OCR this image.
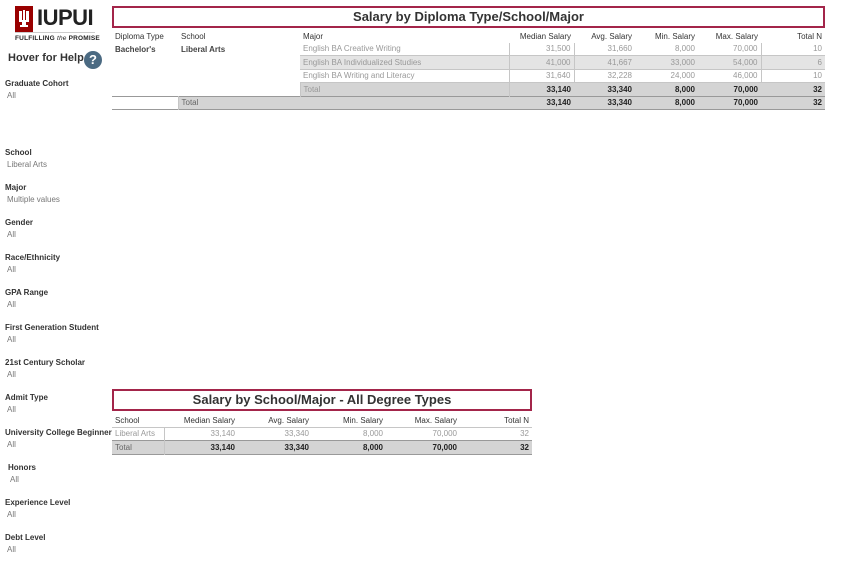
IUPUI
FULFILLING the PROMISE
Hover for Help ?
Graduate Cohort
All
School
Liberal Arts
Major
Multiple values
Gender
All
Race/Ethnicity
All
GPA Range
All
First Generation Student
All
21st Century Scholar
All
Admit Type
All
University College Beginner
All
Honors
All
Experience Level
All
Debt Level
All
Salary by Diploma Type/School/Major
Diploma Type	School	Major	Median Salary	Avg. Salary	Min. Salary	Max. Salary	Total N
Bachelor's	Liberal Arts	English BA Creative Writing	31,500	31,660	8,000	70,000	10
		English BA Individualized Studies	41,000	41,667	33,000	54,000	6
		English BA Writing and Literacy	31,640	32,228	24,000	46,000	10
		Total	33,140	33,340	8,000	70,000	32
	Total		33,140	33,340	8,000	70,000	32
Salary by School/Major - All Degree Types
School	Median Salary	Avg. Salary	Min. Salary	Max. Salary	Total N
Liberal Arts	33,140	33,340	8,000	70,000	32
Total	33,140	33,340	8,000	70,000	32
